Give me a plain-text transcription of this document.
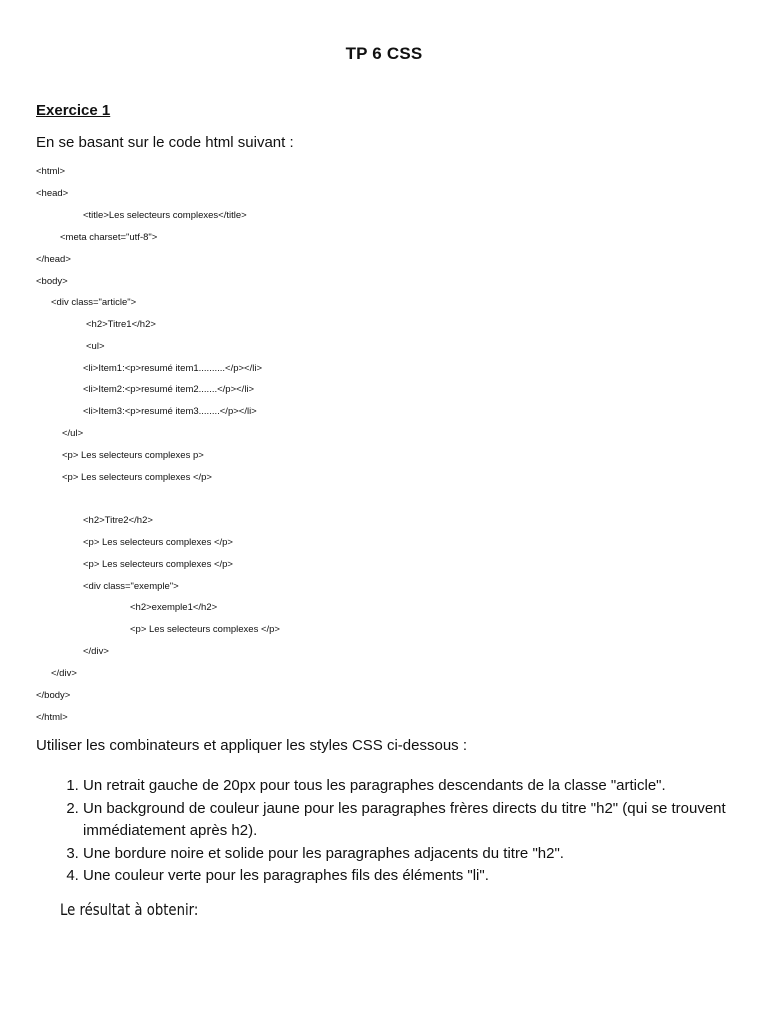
TP 6 CSS
Exercice 1
En se basant sur le code html suivant :
<html>
<head>
<title>Les selecteurs complexes</title>
<meta charset="utf-8">
</head>
<body>
<div class="article">
<h2>Titre1</h2>
<ul>
<li>Item1:<p>resumé item1..........</p></li>
<li>Item2:<p>resumé item2.......</p></li>
<li>Item3:<p>resumé item3........</p></li>
</ul>
<p> Les selecteurs complexes p>
<p> Les selecteurs complexes </p>
<h2>Titre2</h2>
<p> Les selecteurs complexes </p>
<p> Les selecteurs complexes </p>
<div class="exemple">
<h2>exemple1</h2>
<p> Les selecteurs complexes </p>
</div>
</div>
</body>
</html>
Utiliser les combinateurs et appliquer les styles CSS ci-dessous :
1. Un retrait gauche de 20px pour tous les paragraphes descendants de la classe "article".
2. Un background de couleur jaune pour les paragraphes frères directs du titre "h2" (qui se trouvent immédiatement après h2).
3. Une bordure noire et solide pour les paragraphes adjacents du titre "h2".
4. Une couleur verte pour les paragraphes fils des éléments "li".
Le résultat à obtenir:
